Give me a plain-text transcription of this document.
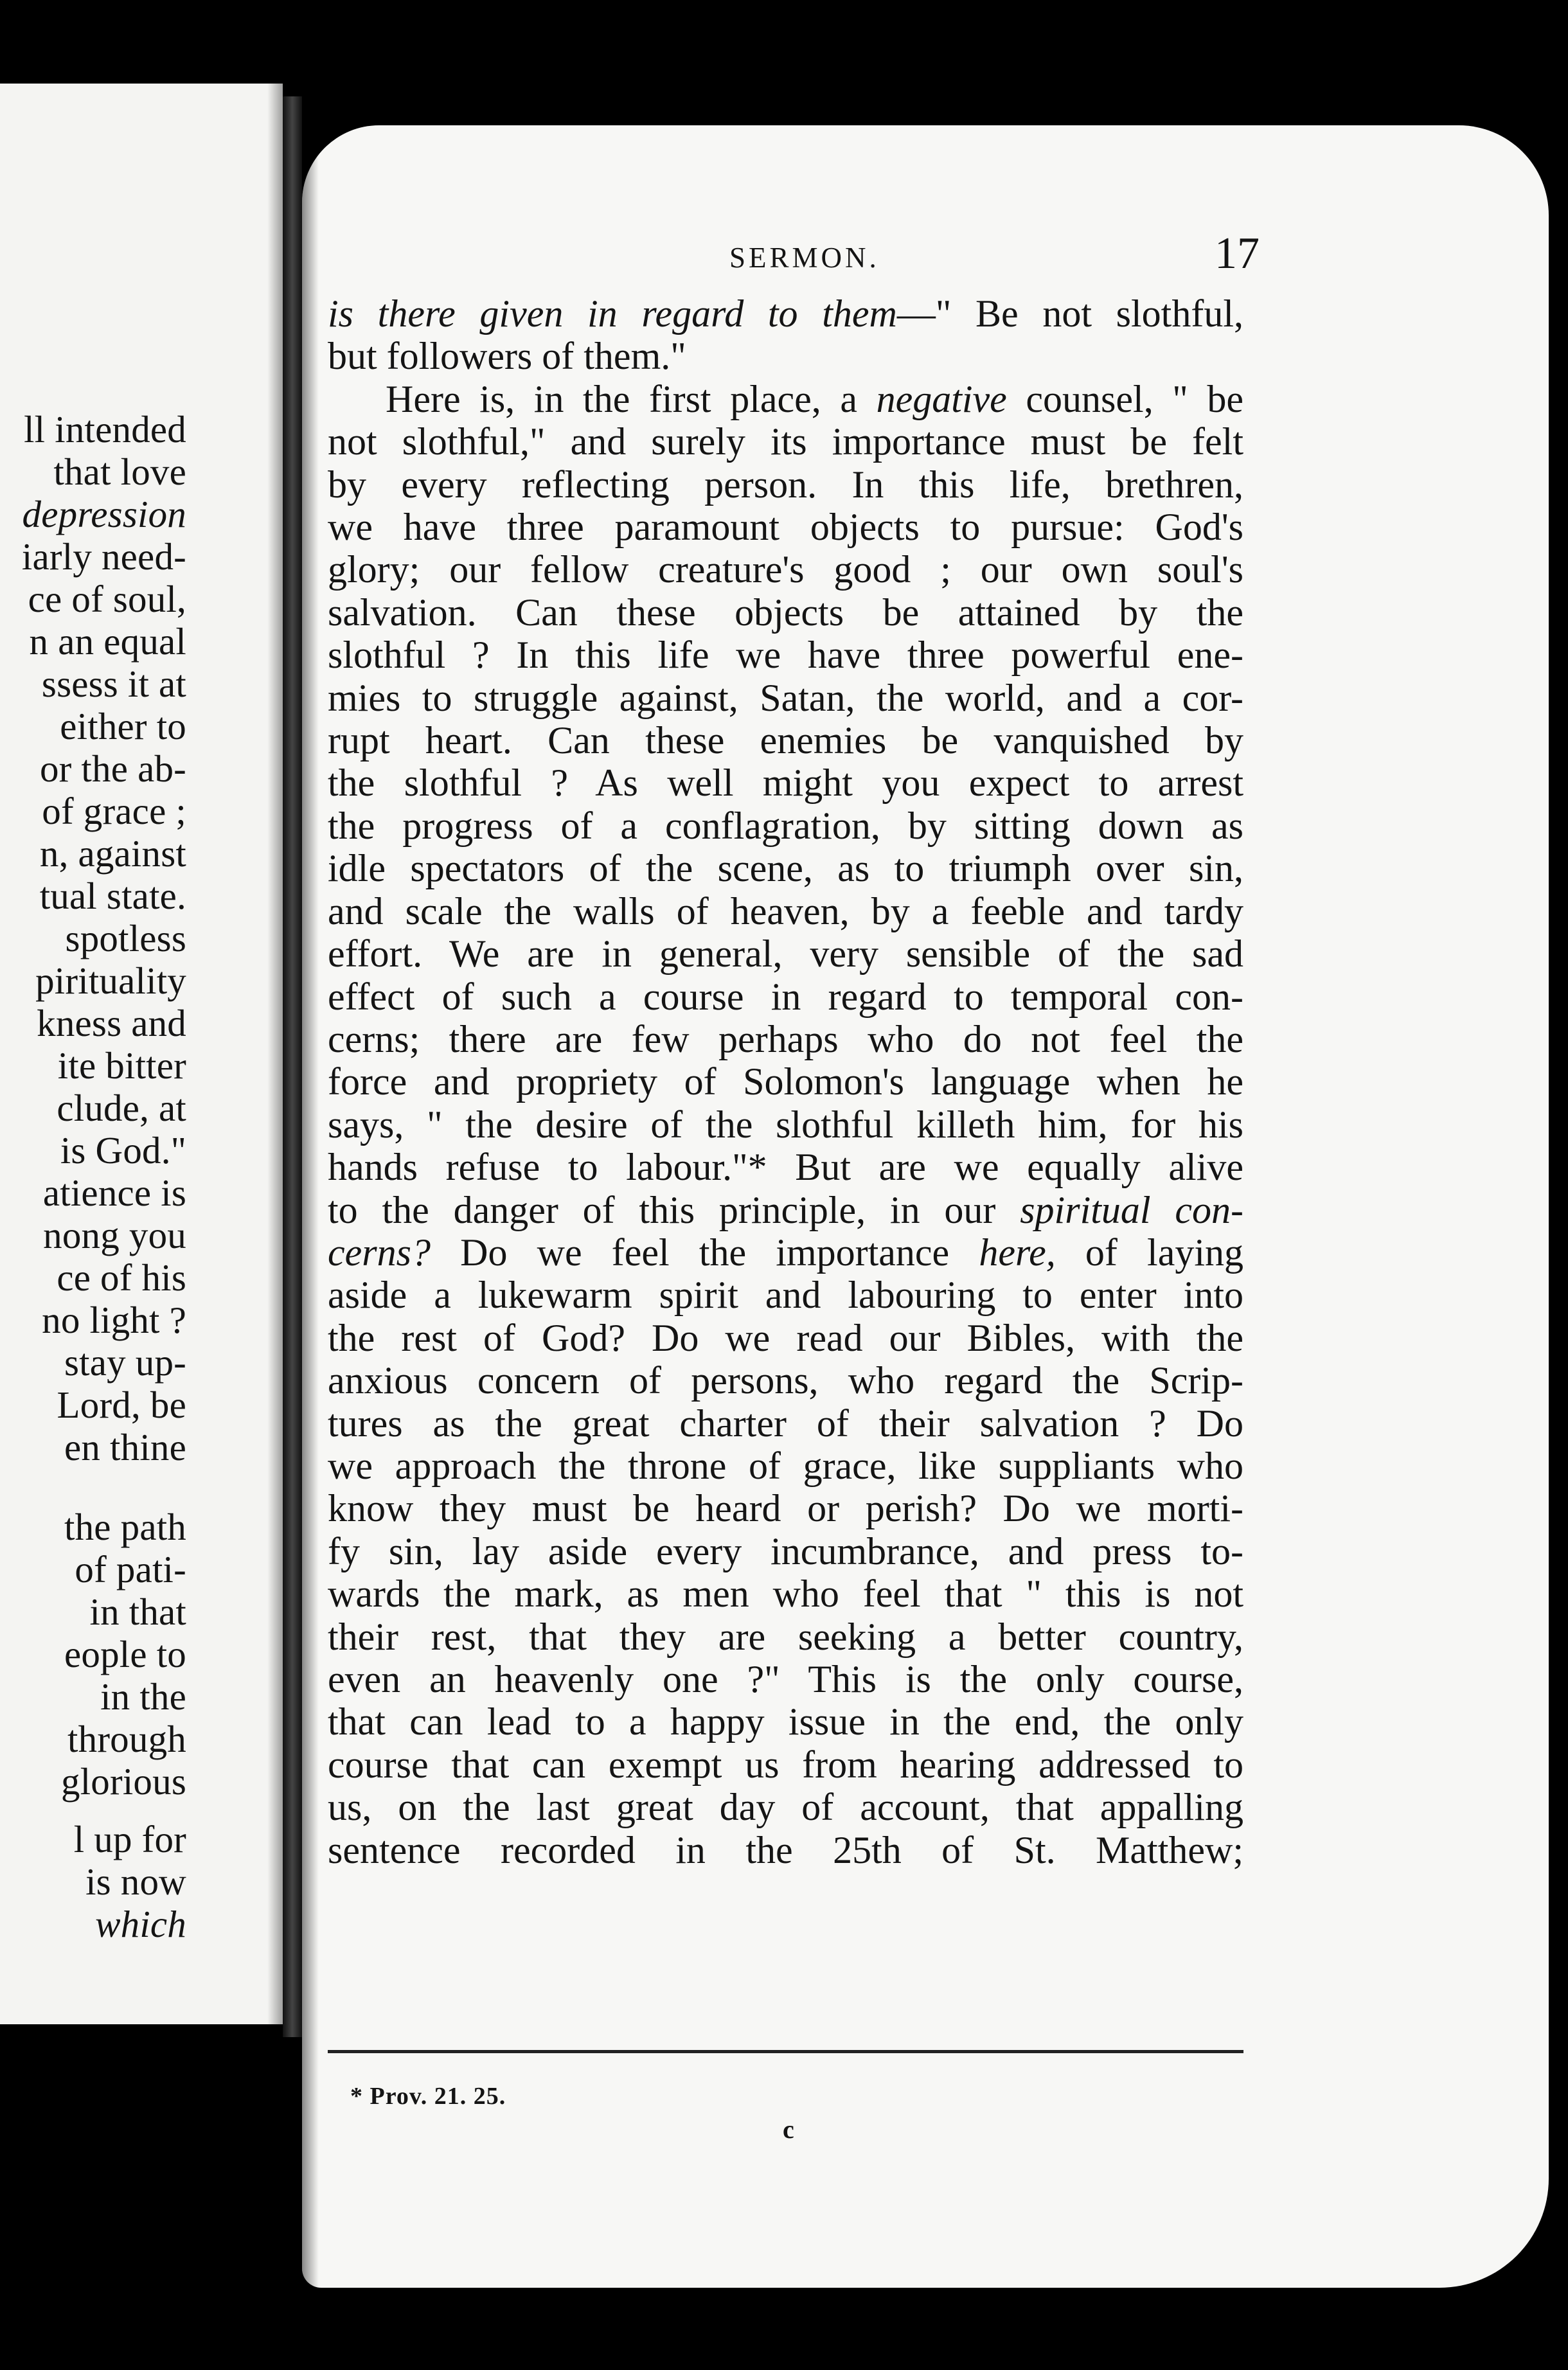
ll intended
that love
depression
iarly need-
ce of soul,
n an equal
ssess it at
either to
or the ab-
of grace ;
n, against
tual state.
spotless
pirituality
kness and
ite bitter
clude, at
is God."
atience is
nong you
ce of his
no light ?
stay up-
Lord, be
en thine
the path
of pati-
in that
eople to
in the
through
glorious
l up for
is now
which
SERMON.	17
is there given in regard to them—" Be not slothful,
but followers of them."
Here is, in the first place, a negative counsel, " be
not slothful," and surely its importance must be felt
by every reflecting person. In this life, brethren,
we have three paramount objects to pursue: God's
glory; our fellow creature's good ; our own soul's
salvation. Can these objects be attained by the
slothful ? In this life we have three powerful ene-
mies to struggle against, Satan, the world, and a cor-
rupt heart. Can these enemies be vanquished by
the slothful ? As well might you expect to arrest
the progress of a conflagration, by sitting down as
idle spectators of the scene, as to triumph over sin,
and scale the walls of heaven, by a feeble and tardy
effort. We are in general, very sensible of the sad
effect of such a course in regard to temporal con-
cerns; there are few perhaps who do not feel the
force and propriety of Solomon's language when he
says, " the desire of the slothful killeth him, for his
hands refuse to labour."* But are we equally alive
to the danger of this principle, in our spiritual con-
cerns? Do we feel the importance here, of laying
aside a lukewarm spirit and labouring to enter into
the rest of God? Do we read our Bibles, with the
anxious concern of persons, who regard the Scrip-
tures as the great charter of their salvation ? Do
we approach the throne of grace, like suppliants who
know they must be heard or perish? Do we morti-
fy sin, lay aside every incumbrance, and press to-
wards the mark, as men who feel that " this is not
their rest, that they are seeking a better country,
even an heavenly one ?" This is the only course,
that can lead to a happy issue in the end, the only
course that can exempt us from hearing addressed to
us, on the last great day of account, that appalling
sentence recorded in the 25th of St. Matthew;
* Prov. 21. 25.
c
